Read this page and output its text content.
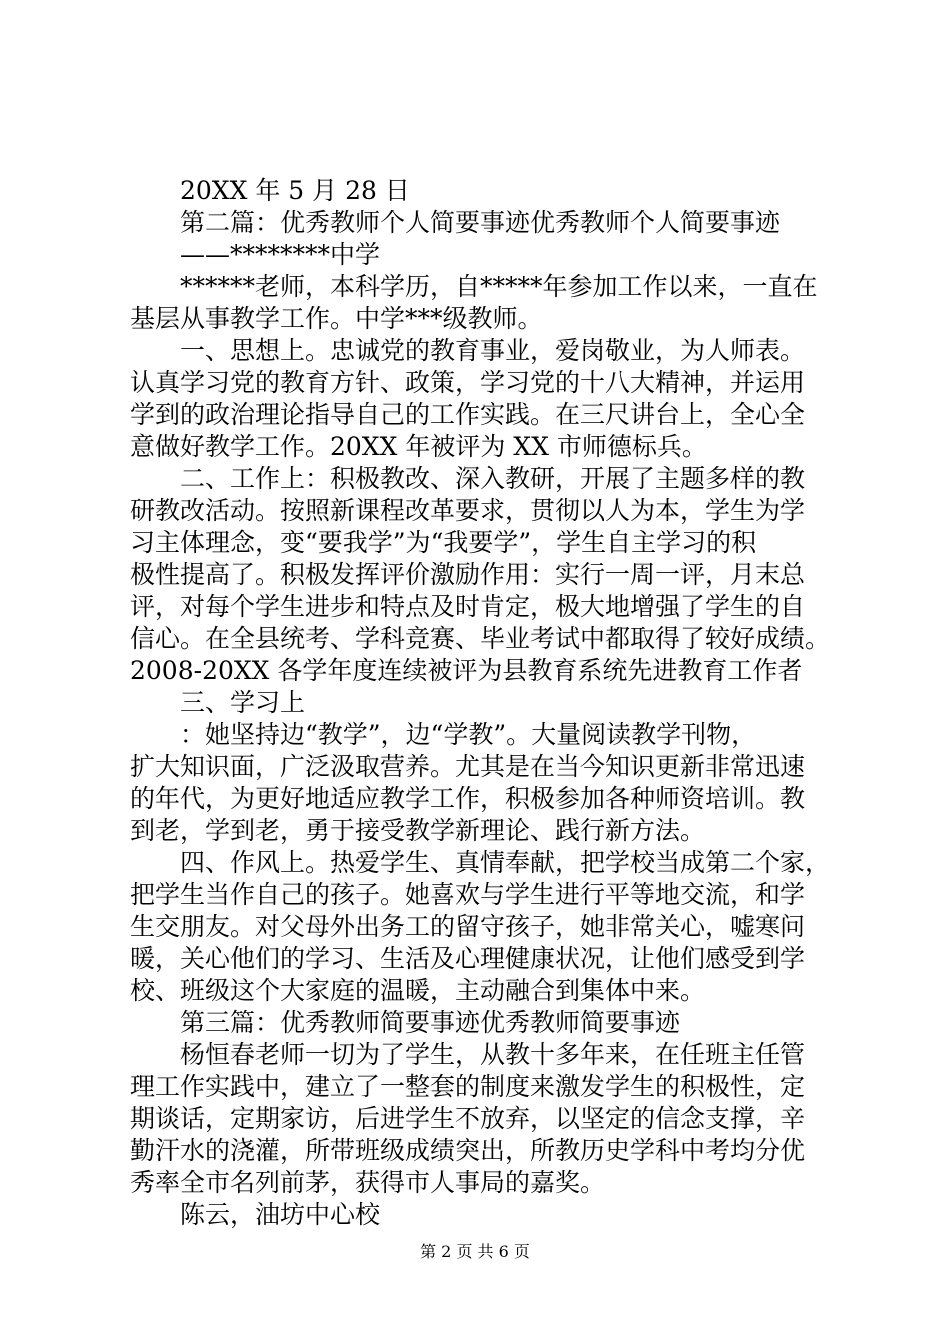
20XX 年 5 月 28 日
第二篇：优秀教师个人简要事迹优秀教师个人简要事迹
——********中学
******老师，本科学历，自*****年参加工作以来，一直在
基层从事教学工作。中学***级教师。
一、思想上。忠诚党的教育事业，爱岗敬业，为人师表。
认真学习党的教育方针、政策，学习党的十八大精神，并运用
学到的政治理论指导自己的工作实践。在三尺讲台上，全心全
意做好教学工作。20XX 年被评为 XX 市师德标兵。
二、工作上：积极教改、深入教研，开展了主题多样的教
研教改活动。按照新课程改革要求，贯彻以人为本，学生为学
习主体理念，变“要我学”为“我要学”，学生自主学习的积
极性提高了。积极发挥评价激励作用：实行一周一评，月末总
评，对每个学生进步和特点及时肯定，极大地增强了学生的自
信心。在全县统考、学科竞赛、毕业考试中都取得了较好成绩。
2008-20XX 各学年度连续被评为县教育系统先进教育工作者
三、学习上
：她坚持边“教学”，边“学教”。大量阅读教学刊物，
扩大知识面，广泛汲取营养。尤其是在当今知识更新非常迅速
的年代，为更好地适应教学工作，积极参加各种师资培训。教
到老，学到老，勇于接受教学新理论、践行新方法。
四、作风上。热爱学生、真情奉献，把学校当成第二个家，
把学生当作自己的孩子。她喜欢与学生进行平等地交流，和学
生交朋友。对父母外出务工的留守孩子，她非常关心，嘘寒问
暖，关心他们的学习、生活及心理健康状况，让他们感受到学
校、班级这个大家庭的温暖，主动融合到集体中来。
第三篇：优秀教师简要事迹优秀教师简要事迹
杨恒春老师一切为了学生，从教十多年来，在任班主任管
理工作实践中，建立了一整套的制度来激发学生的积极性，定
期谈话，定期家访，后进学生不放弃，以坚定的信念支撑，辛
勤汗水的浇灌，所带班级成绩突出，所教历史学科中考均分优
秀率全市名列前茅，获得市人事局的嘉奖。
陈云，油坊中心校
第 2 页 共 6 页
